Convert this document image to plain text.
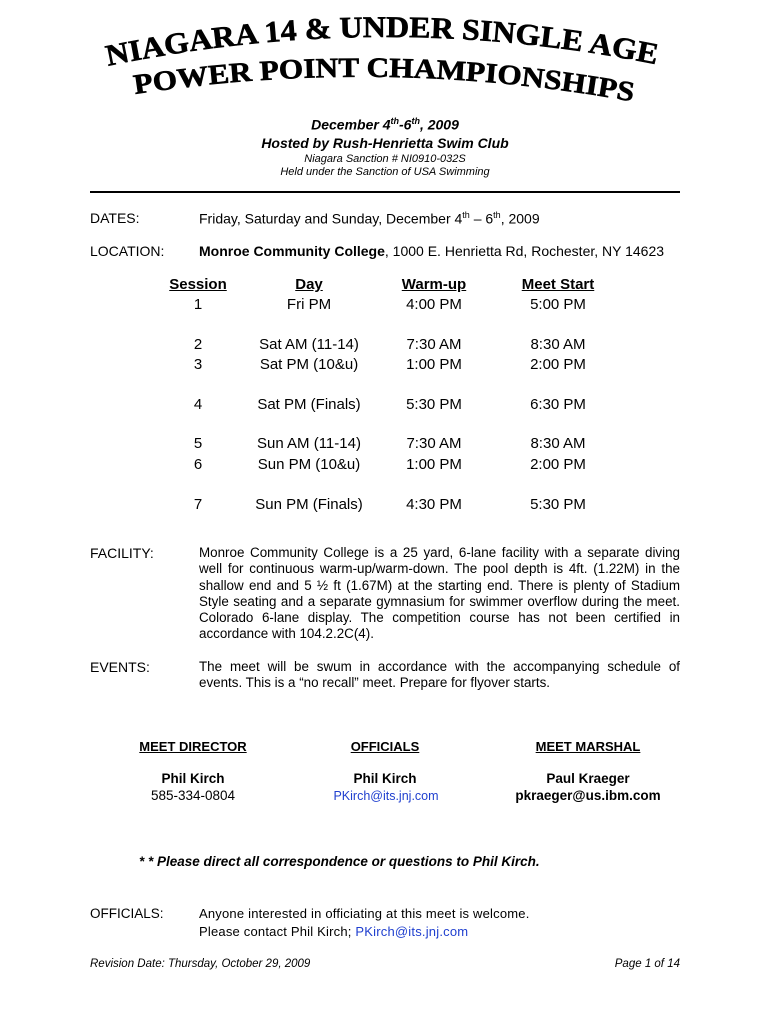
NIAGARA 14 & UNDER SINGLE AGE
POWER POINT CHAMPIONSHIPS
December 4th-6th, 2009
Hosted by Rush-Henrietta Swim Club
Niagara Sanction # NI0910-032S
Held under the Sanction of USA Swimming
DATES:	Friday, Saturday and Sunday, December 4th – 6th, 2009
LOCATION: Monroe Community College, 1000 E. Henrietta Rd, Rochester, NY 14623
Session	Day	Warm-up	Meet Start
1	Fri PM	4:00 PM	5:00 PM
2	Sat AM (11-14)	7:30 AM	8:30 AM
3	Sat PM (10&u)	1:00 PM	2:00 PM
4	Sat PM (Finals)	5:30 PM	6:30 PM
5	Sun AM (11-14)	7:30 AM	8:30 AM
6	Sun PM (10&u)	1:00 PM	2:00 PM
7	Sun PM (Finals)	4:30 PM	5:30 PM
FACILITY:	Monroe Community College is a 25 yard, 6-lane facility with a separate diving well for continuous warm-up/warm-down. The pool depth is 4ft. (1.22M) in the shallow end and 5 ½ ft (1.67M) at the starting end. There is plenty of Stadium Style seating and a separate gymnasium for swimmer overflow during the meet. Colorado 6-lane display. The competition course has not been certified in accordance with 104.2.2C(4).
EVENTS:	The meet will be swum in accordance with the accompanying schedule of events. This is a “no recall” meet. Prepare for flyover starts.
MEET DIRECTOR
Phil Kirch
585-334-0804
OFFICIALS
Phil Kirch
PKirch@its.jnj.com
MEET MARSHAL
Paul Kraeger
pkraeger@us.ibm.com
* * Please direct all correspondence or questions to Phil Kirch.
OFFICIALS:	Anyone interested in officiating at this meet is welcome.
Please contact Phil Kirch; PKirch@its.jnj.com
Revision Date: Thursday, October 29, 2009	Page 1 of 14
